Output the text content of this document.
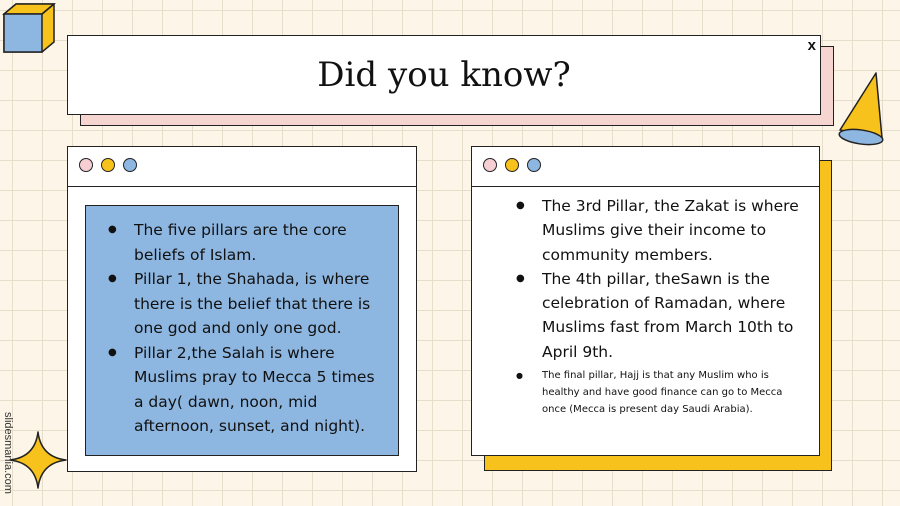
Did you know?
x
● The five pillars are the core beliefs of Islam.
● Pillar 1, the Shahada, is where there is the belief that there is one god and only one god.
● Pillar 2,the Salah is where Muslims pray to Mecca 5 times a day( dawn, noon, mid afternoon, sunset, and night).
● The 3rd Pillar, the Zakat is where Muslims give their income to community members.
● The 4th pillar, theSawn is the celebration of Ramadan, where Muslims fast from March 10th to April 9th.
● The final pillar, Hajj is that any Muslim who is healthy and have good finance can go to Mecca once (Mecca is present day Saudi Arabia).
slidesmania.com
